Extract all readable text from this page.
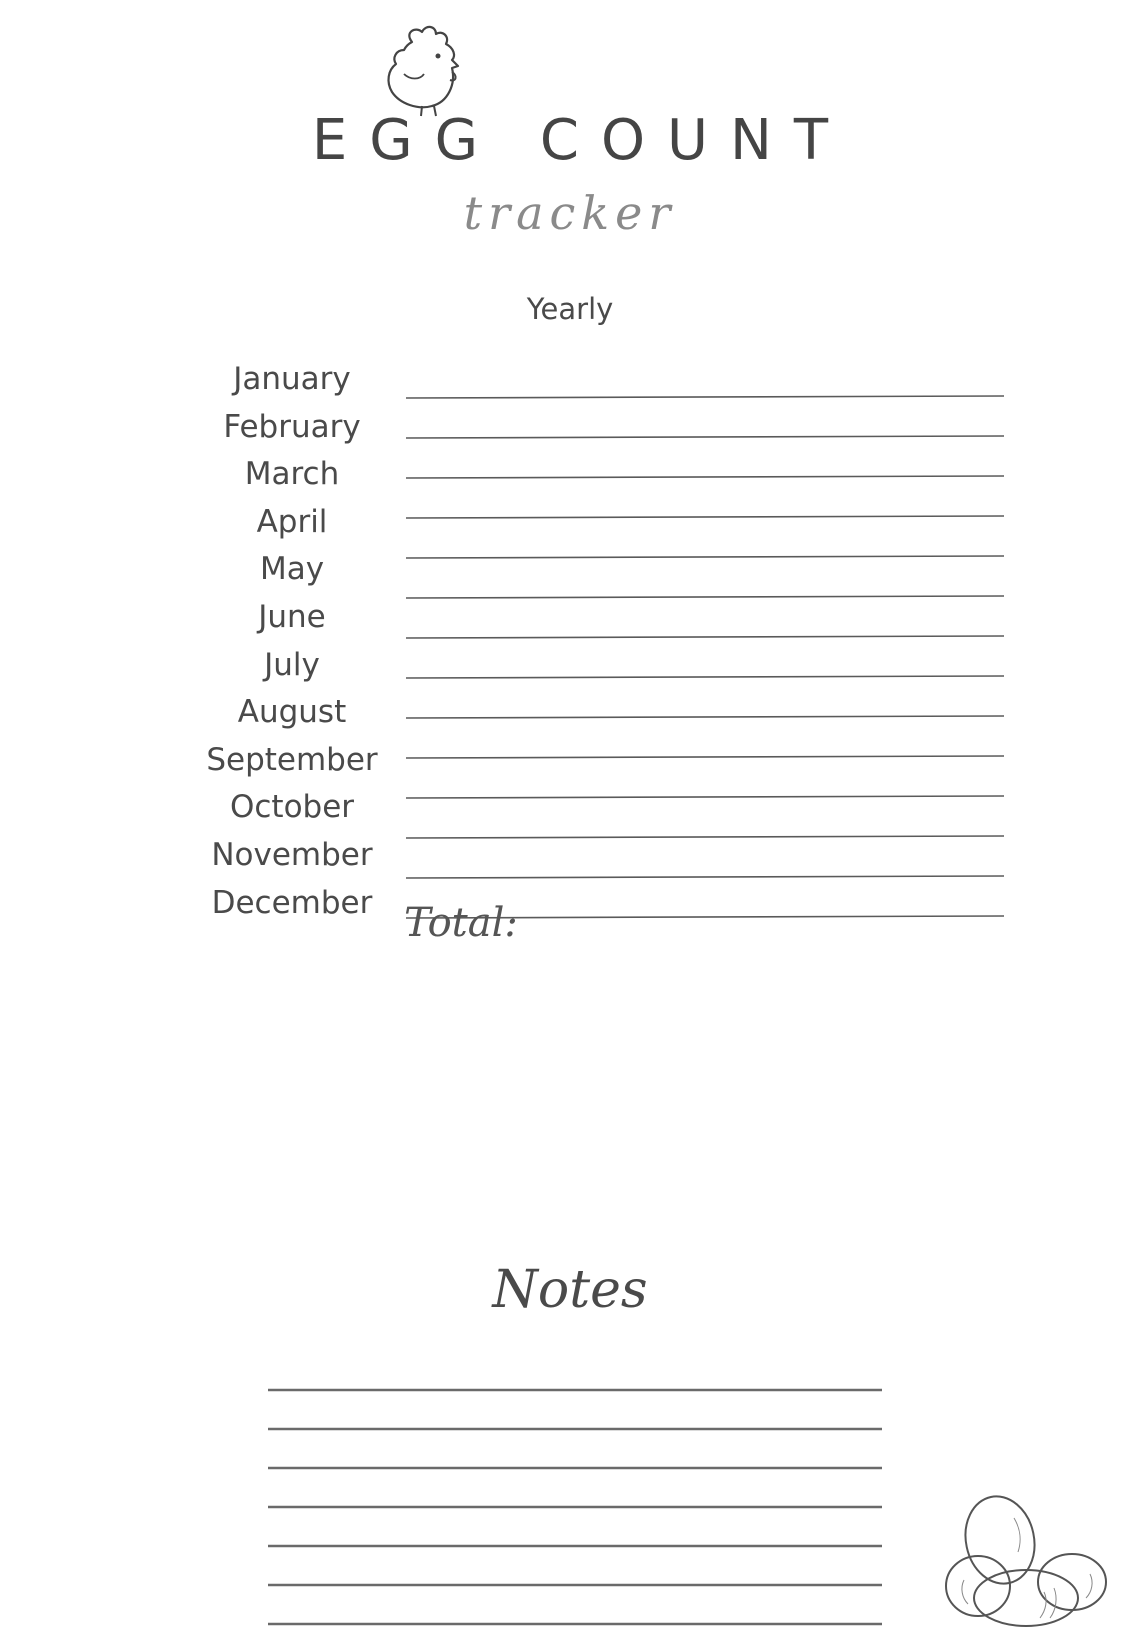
EGG COUNT
tracker
Yearly
January
February
March
April
May
June
July
August
September
October
November
December Total:
Notes
